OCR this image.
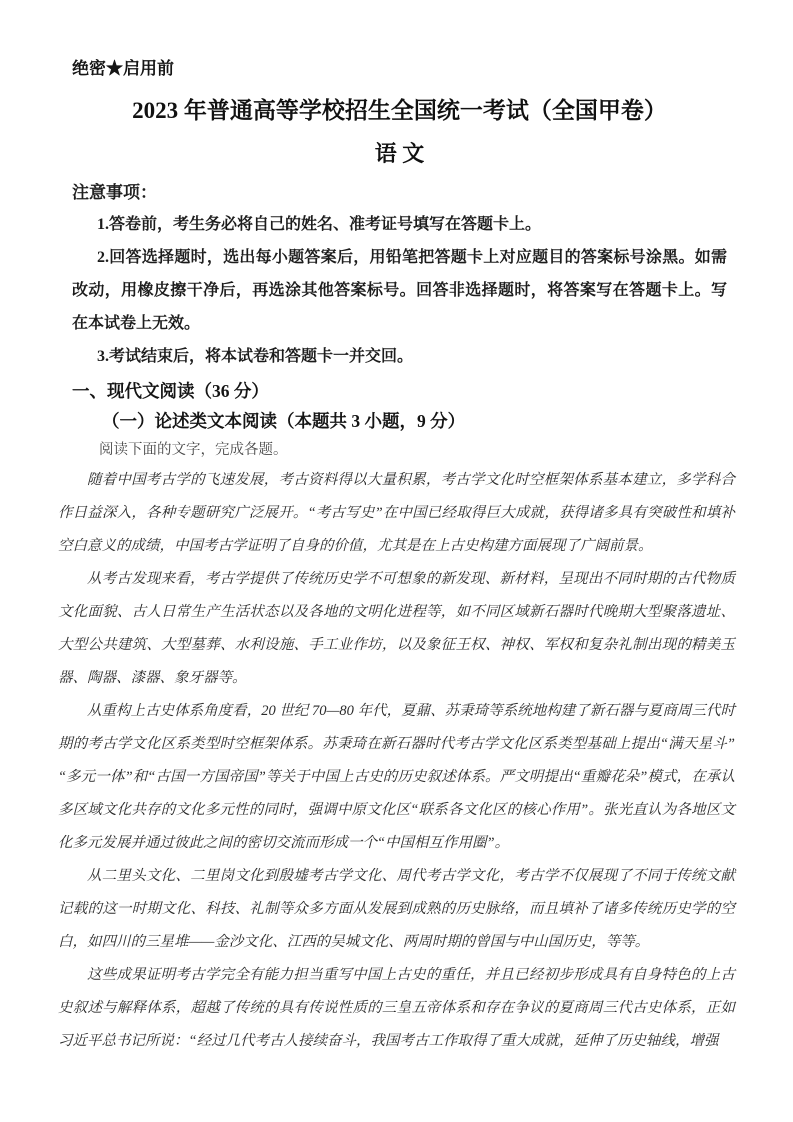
绝密★启用前
2023 年普通高等学校招生全国统一考试（全国甲卷）
语 文
注意事项：

1.答卷前，考生务必将自己的姓名、准考证号填写在答题卡上。

2.回答选择题时，选出每小题答案后，用铅笔把答题卡上对应题目的答案标号涂黑。如需改动，用橡皮擦干净后，再选涂其他答案标号。回答非选择题时，将答案写在答题卡上。写在本试卷上无效。

3.考试结束后，将本试卷和答题卡一并交回。

一、现代文阅读（36 分）
（一）论述类文本阅读（本题共 3 小题，9 分）

阅读下面的文字，完成各题。

随着中国考古学的飞速发展，考古资料得以大量积累，考古学文化时空框架体系基本建立，多学科合作日益深入，各种专题研究广泛展开。“考古写史”在中国已经取得巨大成就，获得诸多具有突破性和填补空白意义的成绩，中国考古学证明了自身的价值，尤其是在上古史构建方面展现了广阔前景。

从考古发现来看，考古学提供了传统历史学不可想象的新发现、新材料，呈现出不同时期的古代物质文化面貌、古人日常生产生活状态以及各地的文明化进程等，如不同区域新石器时代晚期大型聚落遗址、大型公共建筑、大型墓葬、水利设施、手工业作坊，以及象征王权、神权、军权和复杂礼制出现的精美玉器、陶器、漆器、象牙器等。

从重构上古史体系角度看，20 世纪 70—80 年代，夏鼐、苏秉琦等系统地构建了新石器与夏商周三代时期的考古学文化区系类型时空框架体系。苏秉琦在新石器时代考古学文化区系类型基础上提出“满天星斗”“多元一体”和“古国一方国帝国”等关于中国上古史的历史叙述体系。严文明提出“重瓣花朵”模式，在承认多区域文化共存的文化多元性的同时，强调中原文化区“联系各文化区的核心作用”。张光直认为各地区文化多元发展并通过彼此之间的密切交流而形成一个“中国相互作用圈”。

从二里头文化、二里岗文化到殷墟考古学文化、周代考古学文化，考古学不仅展现了不同于传统文献记载的这一时期文化、科技、礼制等众多方面从发展到成熟的历史脉络，而且填补了诸多传统历史学的空白，如四川的三星堆——金沙文化、江西的吴城文化、两周时期的曾国与中山国历史，等等。

这些成果证明考古学完全有能力担当重写中国上古史的重任，并且已经初步形成具有自身特色的上古史叙述与解释体系，超越了传统的具有传说性质的三皇五帝体系和存在争议的夏商周三代古史体系，正如习近平总书记所说：“经过几代考古人接续奋斗，我国考古工作取得了重大成就，延伸了历史轴线，增强
